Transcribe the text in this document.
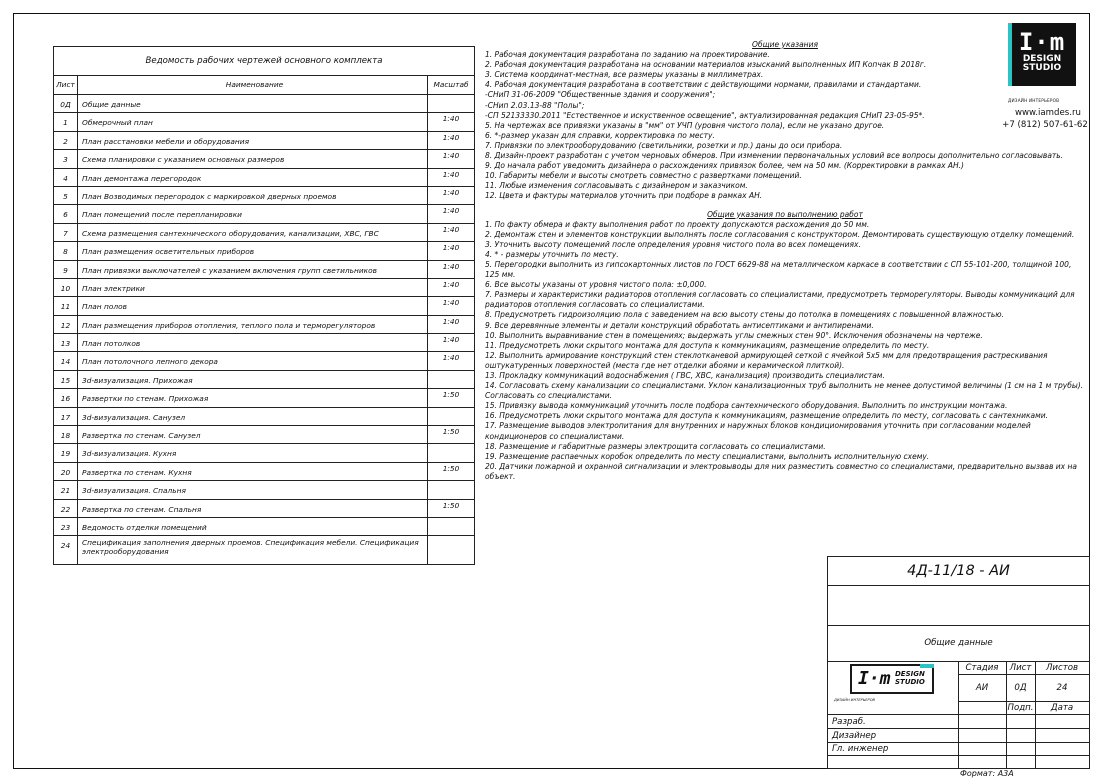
Ведомость рабочих чертежей основного комплекта
Лист	Наименование	Масштаб
0Д	Общие данные
1	Обмерочный план	1:40
2	План расстановки мебели и оборудования	1:40
3	Схема планировки с указанием основных размеров	1:40
4	План демонтажа перегородок	1:40
5	План Возводимых перегородок с маркировкой дверных проемов	1:40
6	План помещений после перепланировки	1:40
7	Схема размещения сантехнического оборудования, канализации, ХВС, ГВС	1:40
8	План размещения осветительных приборов	1:40
9	План привязки выключателей с указанием включения групп светильников	1:40
10	План электрики	1:40
11	План полов	1:40
12	План размещения приборов отопления, теплого пола и терморегуляторов	1:40
13	План потолков	1:40
14	План потолочного лепного декора	1:40
15	3d-визуализация. Прихожая
16	Развертки по стенам. Прихожая	1:50
17	3d-визуализация. Санузел
18	Развертка по стенам. Санузел	1:50
19	3d-визуализация. Кухня
20	Развертка по стенам. Кухня	1:50
21	3d-визуализация. Спальня
22	Развертка по стенам. Спальня	1:50
23	Ведомость отделки помещений
24	Спецификация заполнения дверных проемов. Спецификация мебели. Спецификация электрооборудования

Общие указания

1. Рабочая документация разработана по заданию на проектирование.

2. Рабочая документация разработана на основании материалов изысканий выполненных ИП Копчак В 2018г.

3. Система координат-местная, все размеры указаны в миллиметрах.

4. Рабочая документация разработана в соответствии с действующими нормами, правилами и стандартами.

-СНиП 31-06-2009 "Общественные здания и сооружения";

-СНип 2.03.13-88 "Полы";

-СП 52133330.2011 "Естественное и искуственное освещение", актуализированная редакция СНиП 23-05-95*.

5. На чертежах все привязки указаны в "мм" от УЧП (уровня чистого пола), если не указано другое.

6. *-размер указан для справки, корректировка по месту.

7. Привязки по электрооборудованию (светильники, розетки и пр.) даны до оси прибора.

8. Дизайн-проект разработан с учетом черновых обмеров. При изменении первоначальных условий все вопросы дополнительно согласовывать.

9. До начала работ уведомить дизайнера о расхождениях привязок более, чем на 50 мм. (Корректировки в рамках АН.)

10. Габариты мебели и высоты смотреть совместно с развертками помещений.

11. Любые изменения согласовывать с дизайнером и заказчиком.

12. Цвета и фактуры материалов уточнить при подборе в рамках АН.

Общие указания по выполнению работ

1. По факту обмера и факту выполнения работ по проекту допускаются расхождения до 50 мм.

2. Демонтаж стен и элементов конструкции выполнять после согласования с конструктором. Демонтировать существующую отделку помещений.

3. Уточнить высоту помещений после определения уровня чистого пола во всех помещениях.

4. * - размеры уточнить по месту.

5. Перегородки выполнить из гипсокартонных листов по ГОСТ 6629-88 на металлическом каркасе в соответствии с СП 55-101-200, толщиной 100, 125 мм.

6. Все высоты указаны от уровня чистого пола: ±0,000.

7. Размеры и характеристики радиаторов отопления согласовать со специалистами, предусмотреть терморегуляторы. Выводы коммуникаций для радиаторов отопления согласовать со специалистами.

8. Предусмотреть гидроизоляцию пола с заведением на всю высоту стены до потолка в помещениях с повышенной влажностью.

9. Все деревянные элементы и детали конструкций обработать антисептиками и антипиренами.

10. Выполнить выравнивание стен в помещениях; выдержать углы смежных стен 90°. Исключения обозначены на чертеже.

11. Предусмотреть люки скрытого монтажа для доступа к коммуникациям, размещение определить по месту.

12. Выполнить армирование конструкций стен стеклотканевой армирующей сеткой с ячейкой 5х5 мм для предотвращения растрескивания оштукатуренных поверхностей (места где нет отделки абоями и керамической плиткой).

13. Прокладку коммуникаций водоснабжения ( ГВС, ХВС, канализация) производить специалистам.

14. Согласовать схему канализации со специалистами. Уклон канализационных труб выполнить не менее допустимой величины (1 см на 1 м трубы).

Согласовать со специалистами.

15. Привязку вывода коммуникаций уточнить после подбора сантехнического оборудования. Выполнить по инструкции монтажа.

16. Предусмотреть люки скрытого монтажа для доступа к коммуникациям, размещение определить по месту, согласовать с сантехниками.

17. Размещение выводов электропитания для внутренних и наружных блоков кондиционирования уточнить при согласовании моделей кондиционеров со специалистами.

18. Размещение и габаритные размеры электрощита согласовать со специалистами.

19. Размещение распаечных коробок определить по месту специалистами, выполнить исполнительную схему.

20. Датчики пожарной и охранной сигнализации и электровыводы для них разместить совместно со специалистами, предварительно вызвав их на объект.

I·m
DESIGN
STUDIO
ДИЗАЙН ИНТЕРЬЕРОВ
www.iamdes.ru
+7 (812) 507-61-62
4Д-11/18 - АИ
Общие данные
I·m DESIGN
STUDIO
ДИЗАЙН ИНТЕРЬЕРОВ
Стадия	Лист	Листов
АИ	0Д	24
Подп.	Дата
Разраб.
Дизайнер
Гл. инженер
Формат: А3А
